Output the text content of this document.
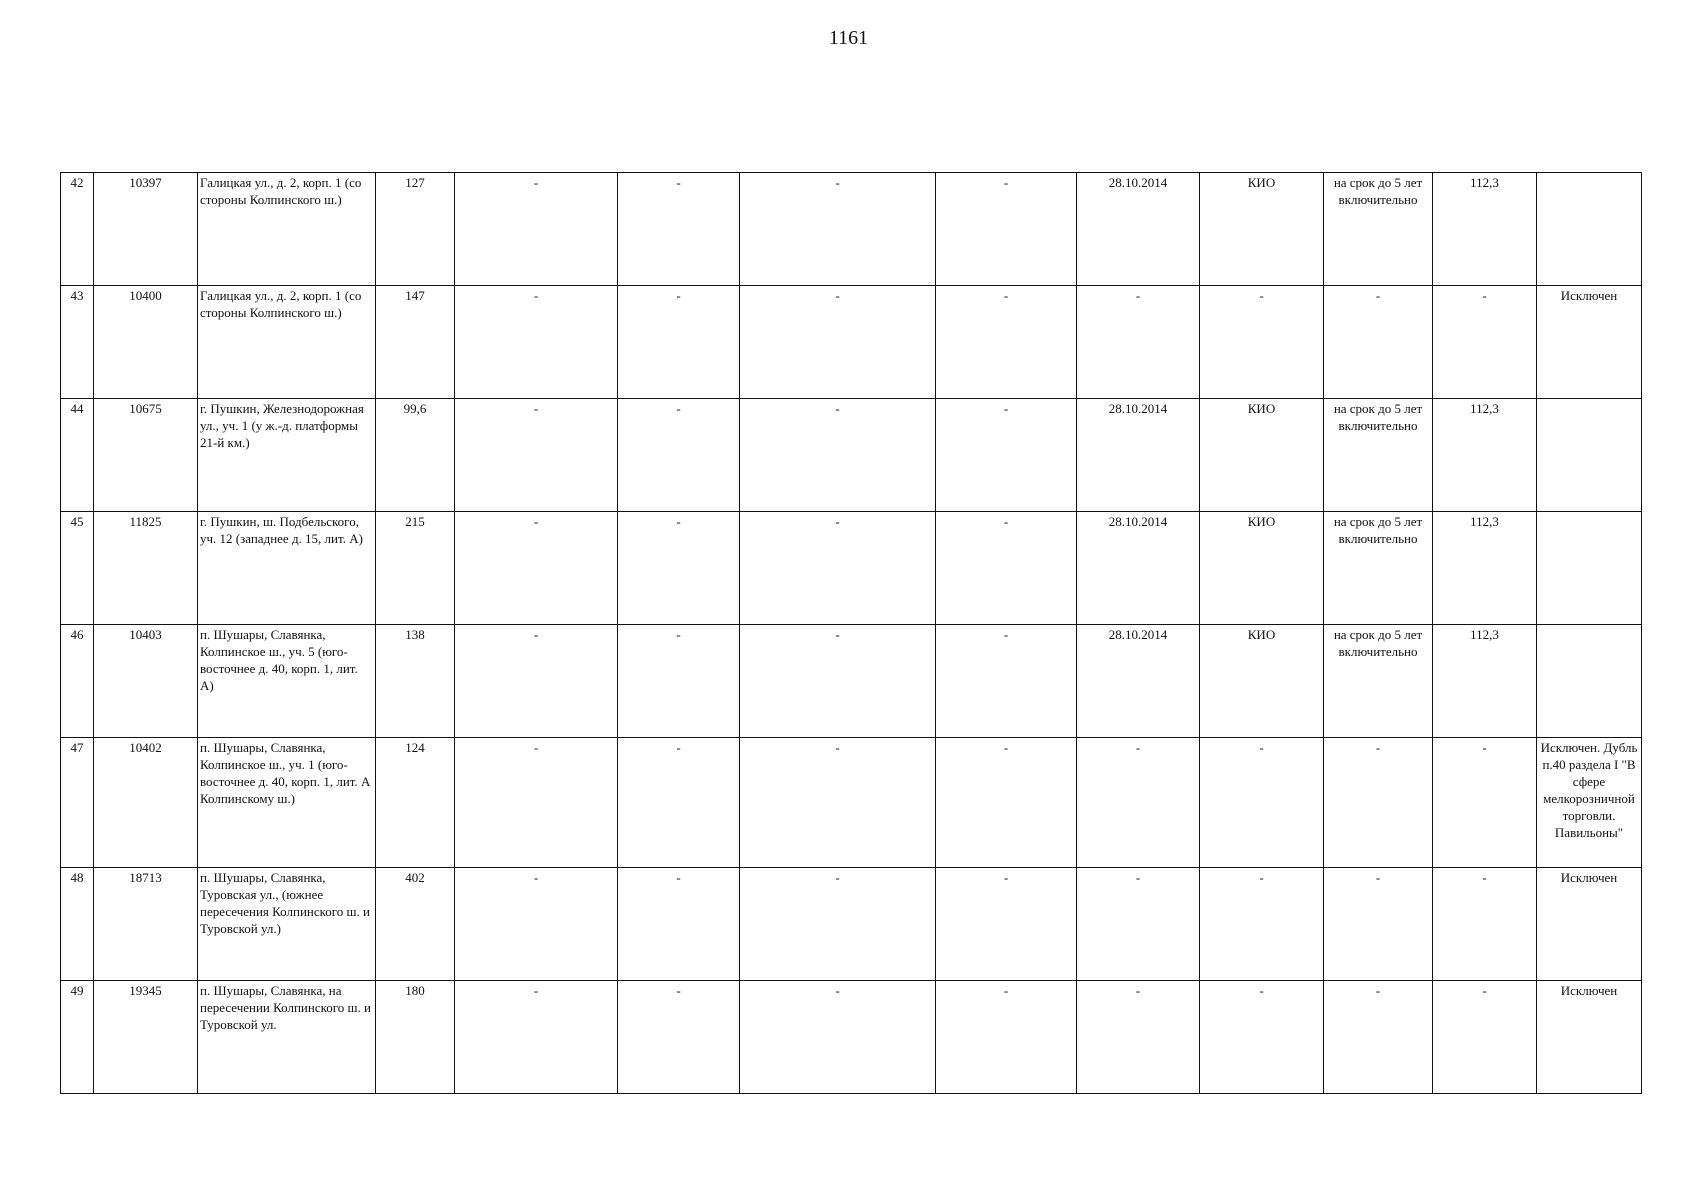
1161
42	10397	Галицкая ул., д. 2, корп. 1 (со стороны Колпинского ш.)	127	-	-	-	-	28.10.2014	КИО	на срок до 5 лет включительно	112,3	
43	10400	Галицкая ул., д. 2, корп. 1 (со стороны Колпинского ш.)	147	-	-	-	-	-	-	-	-	Исключен
44	10675	г. Пушкин, Железнодорожная ул., уч. 1 (у ж.-д. платформы 21-й км.)	99,6	-	-	-	-	28.10.2014	КИО	на срок до 5 лет включительно	112,3	
45	11825	г. Пушкин, ш. Подбельского, уч. 12 (западнее д. 15, лит. А)	215	-	-	-	-	28.10.2014	КИО	на срок до 5 лет включительно	112,3	
46	10403	п. Шушары, Славянка, Колпинское ш., уч. 5 (юго-восточнее д. 40, корп. 1, лит. А)	138	-	-	-	-	28.10.2014	КИО	на срок до 5 лет включительно	112,3	
47	10402	п. Шушары, Славянка, Колпинское ш., уч. 1 (юго-восточнее д. 40, корп. 1, лит. А Колпинскому ш.)	124	-	-	-	-	-	-	-	-	Исключен. Дубль п.40 раздела I "В сфере мелкорозничной торговли. Павильоны"
48	18713	п. Шушары, Славянка, Туровская ул., (южнее пересечения Колпинского ш. и Туровской ул.)	402	-	-	-	-	-	-	-	-	Исключен
49	19345	п. Шушары, Славянка, на пересечении Колпинского ш. и Туровской ул.	180	-	-	-	-	-	-	-	-	Исключен
